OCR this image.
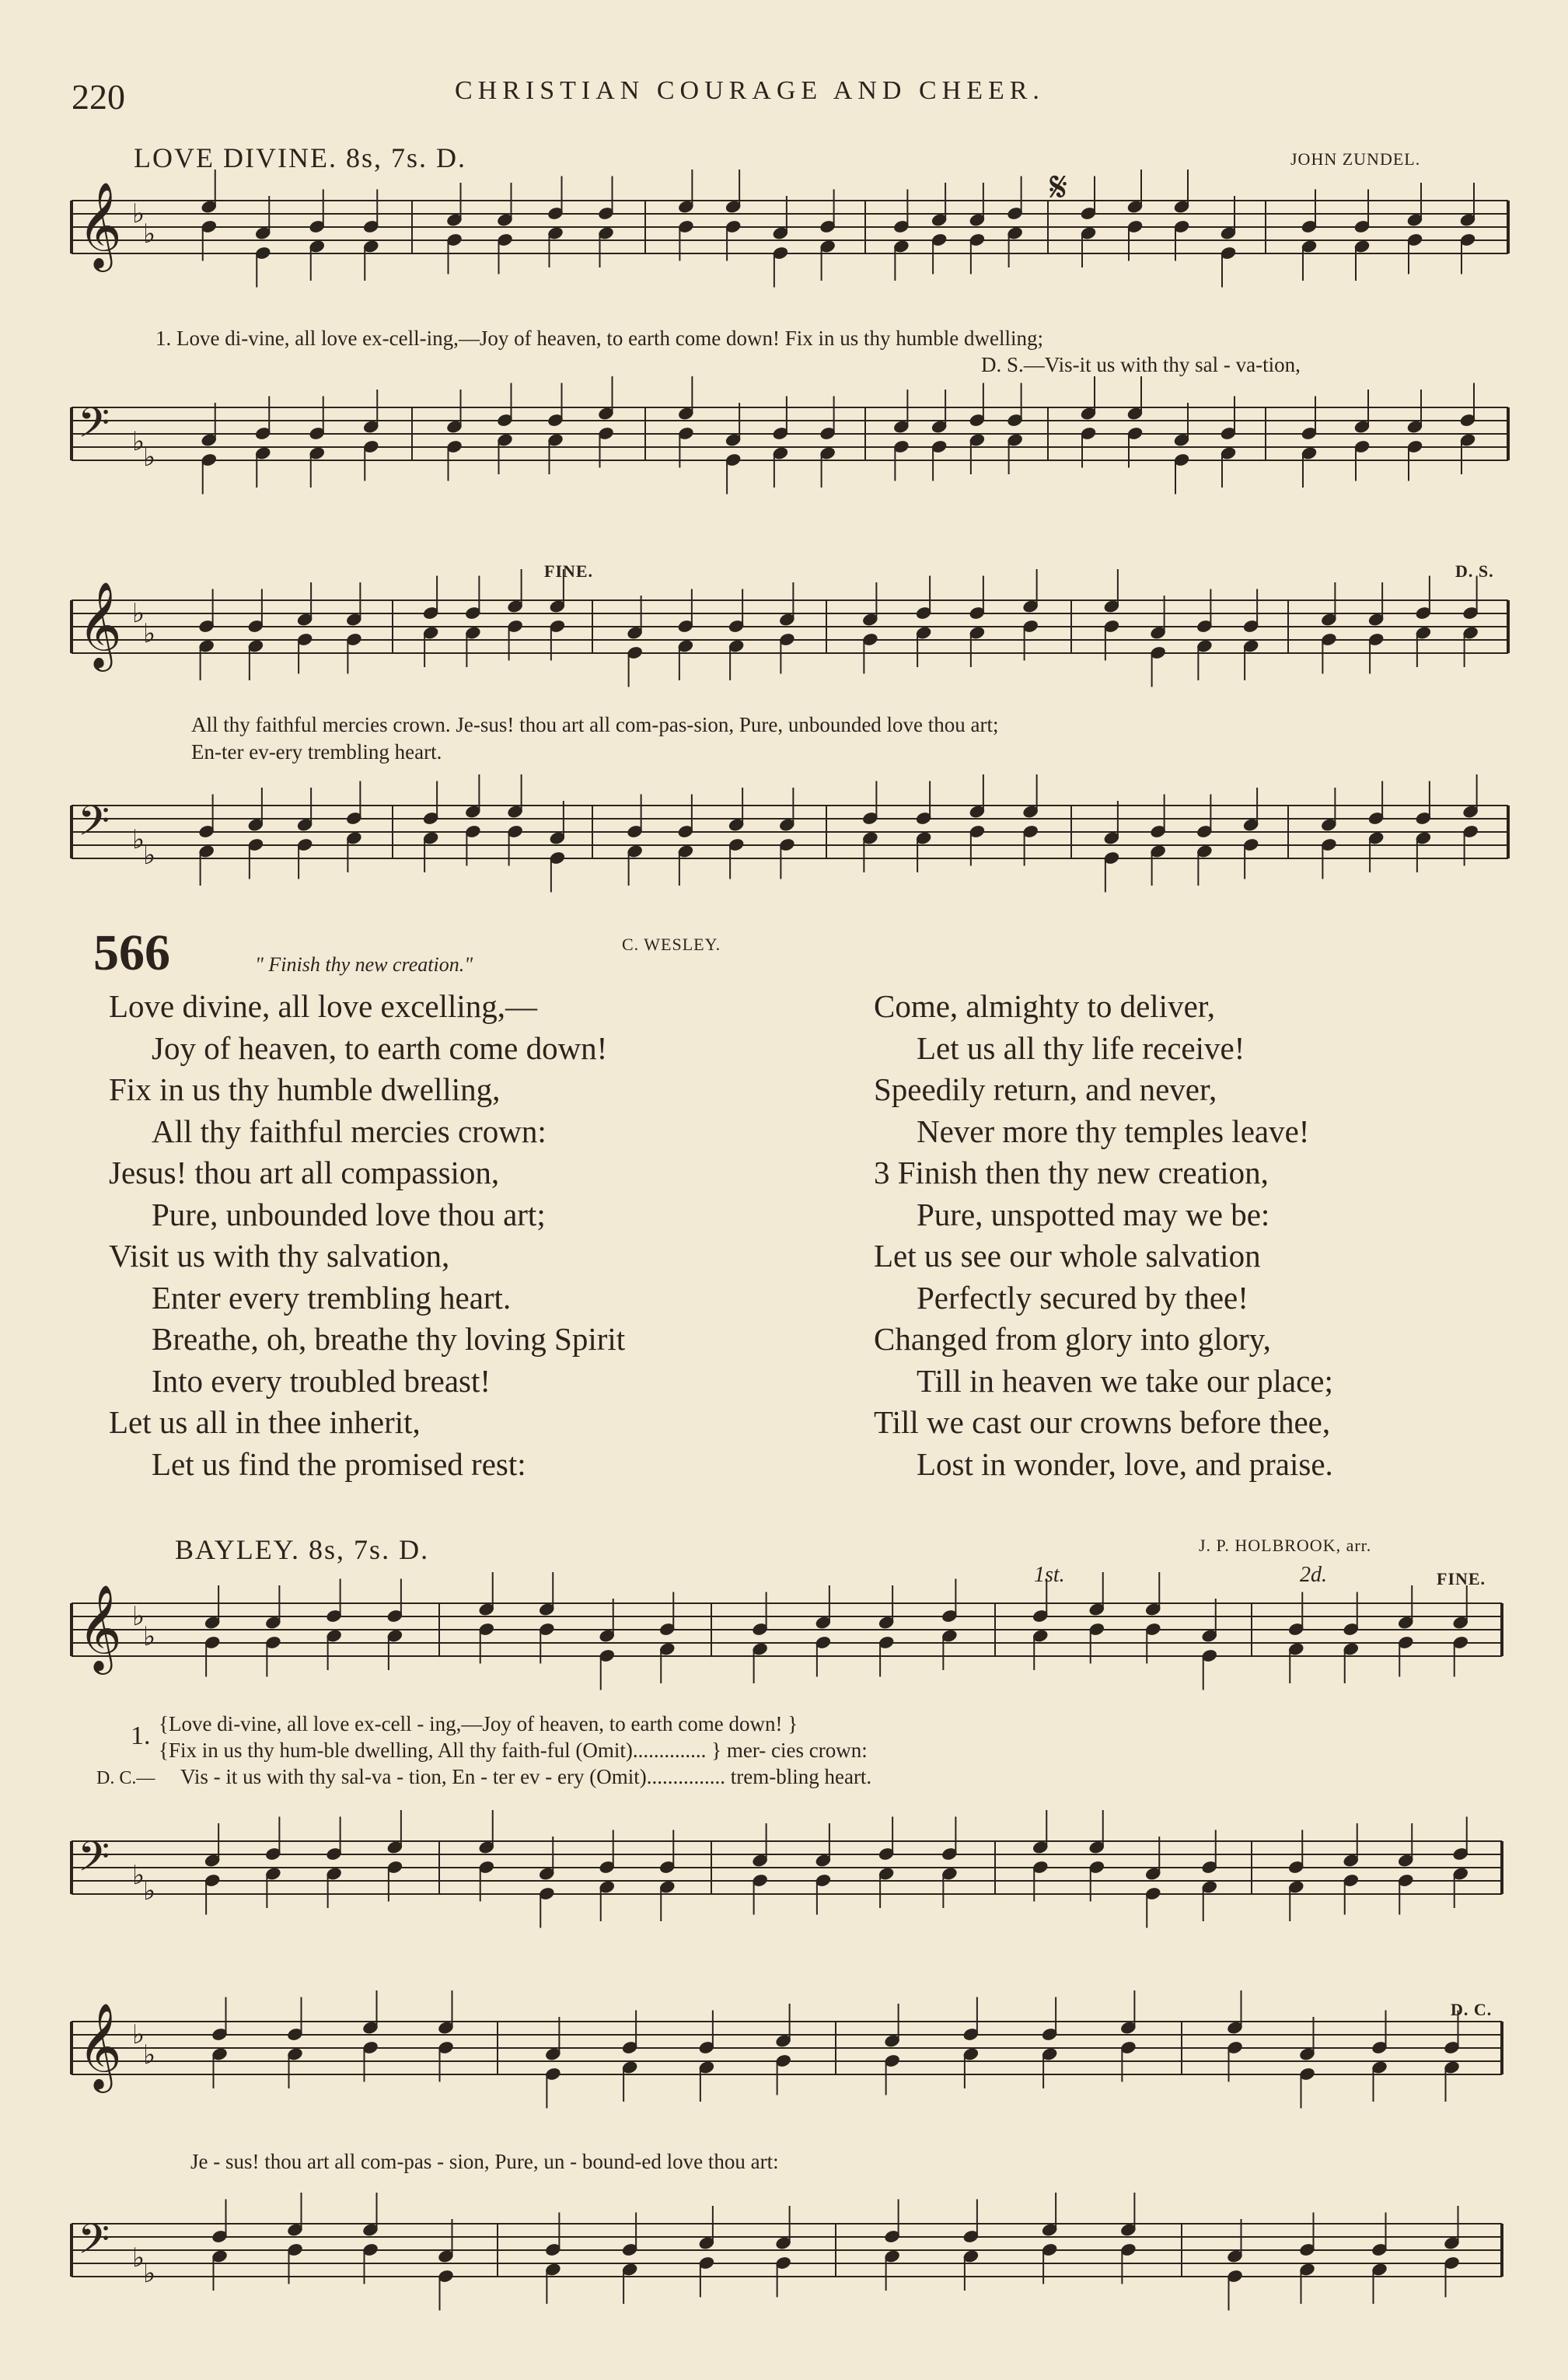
220	CHRISTIAN COURAGE AND CHEER.
LOVE DIVINE. 8s, 7s. D.	JOHN ZUNDEL.
𝄋
FINE.	D. S.
1. Love di-vine, all love ex-cell-ing,—Joy of heaven, to earth come down! Fix in us thy humble dwelling;
D. S.—Vis-it us with thy sal - va-tion,
All thy faithful mercies crown. Je-sus! thou art all com-pas-sion, Pure, unbounded love thou art;
En-ter ev-ery trembling heart.
566	" Finish thy new creation."
C. WESLEY.
Love divine, all love excelling,—
Joy of heaven, to earth come down!
Fix in us thy humble dwelling,
All thy faithful mercies crown:
Jesus! thou art all compassion,
Pure, unbounded love thou art;
Visit us with thy salvation,
Enter every trembling heart.
Breathe, oh, breathe thy loving Spirit
Into every troubled breast!
Let us all in thee inherit,
Let us find the promised rest:
Come, almighty to deliver,
Let us all thy life receive!
Speedily return, and never,
Never more thy temples leave!
3 Finish then thy new creation,
Pure, unspotted may we be:
Let us see our whole salvation
Perfectly secured by thee!
Changed from glory into glory,
Till in heaven we take our place;
Till we cast our crowns before thee,
Lost in wonder, love, and praise.
BAYLEY. 8s, 7s. D.	J. P. HOLBROOK, arr.
1st.	2d.	FINE.
D. C.
1. {Love di-vine, all love ex-cell - ing,—Joy of heaven, to earth come down! }
{Fix in us thy hum-ble dwelling, All thy faith-ful (Omit).............. } mer- cies crown:
D. C.— Vis - it us with thy sal-va - tion, En - ter ev - ery (Omit)............... trem-bling heart.
Je - sus! thou art all com-pas - sion, Pure, un - bound-ed love thou art:
𝄞 ♭
♭
𝄢 ♭
♭
𝄞 ♭
♭
𝄢 ♭
♭
𝄞 ♭
♭
𝄢 ♭
♭
𝄞 ♭
♭
𝄢 ♭
♭
